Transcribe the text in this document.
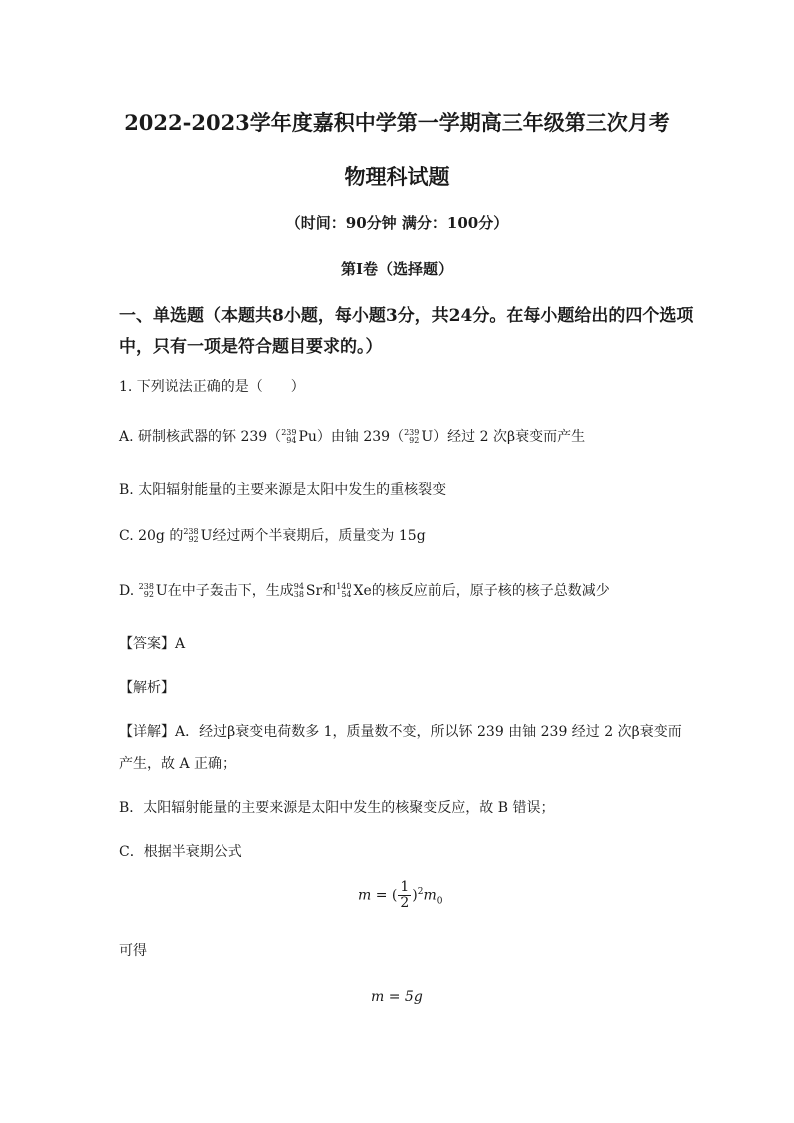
2022-2023学年度嘉积中学第一学期高三年级第三次月考
物理科试题
（时间：90分钟 满分：100分）
第Ⅰ卷（选择题）
一、单选题（本题共8小题，每小题3分，共24分。在每小题给出的四个选项
中，只有一项是符合题目要求的。）
1. 下列说法正确的是（　　）
A. 研制核武器的钚 239（ 239
94 Pu）由铀 239（ 239
92 U）经过 2 次β衰变而产生
B. 太阳辐射能量的主要来源是太阳中发生的重核裂变
C. 20g 的 238
92 U经过两个半衰期后，质量变为 15g
D. 238
92 U在中子轰击下，生成 94
38 Sr和 140
54 Xe的核反应前后，原子核的核子总数减少
【答案】A
【解析】
【详解】A．经过β衰变电荷数多 1，质量数不变，所以钚 239 由铀 239 经过 2 次β衰变而
产生，故 A 正确；
B．太阳辐射能量的主要来源是太阳中发生的核聚变反应，故 B 错误；
C．根据半衰期公式
m = ( $\frac{1}{2} )^2m_0$
可得
m = 5g
